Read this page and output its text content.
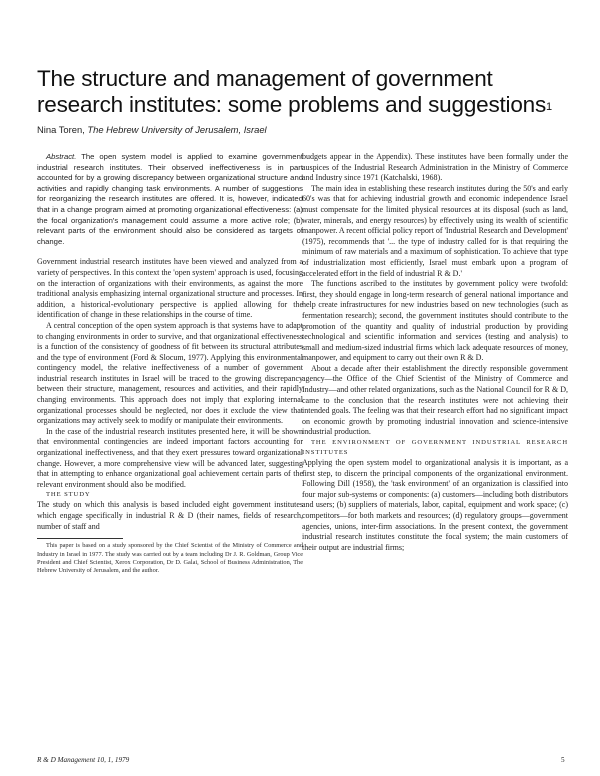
The structure and management of government research institutes: some problems and suggestions$^1$
Nina Toren, The Hebrew University of Jerusalem, Israel

Abstract. The open system model is applied to examine government industrial research institutes. Their observed ineffectiveness is in part accounted for by a growing discrepancy between organizational structure and activities and rapidly changing task environments. A number of suggestions for reorganizing the research institutes are offered. It is, however, indicated that in a change program aimed at promoting organizational effectiveness: (a) the focal organization's management could assume a more active role; (b) relevant parts of the environment should also be considered as targets of change.

Government industrial research institutes have been viewed and analyzed from a variety of perspectives. In this context the 'open system' approach is used, focusing on the interaction of organizations with their environments, as against the more traditional analysis emphasizing internal organizational structure and processes. In addition, a historical-evolutionary perspective is applied allowing for the identification of change in these relationships in the course of time.

A central conception of the open system approach is that systems have to adapt to changing environments in order to survive, and that organizational effectiveness is a function of the consistency of goodness of fit between its structural attributes and the type of environment (Ford & Slocum, 1977). Applying this environmental contingency model, the relative ineffectiveness of a number of government industrial research institutes in Israel will be traced to the growing discrepancy between their structure, management, resources and activities, and their rapidly changing environments. This approach does not imply that exploring internal organizational processes should be neglected, nor does it exclude the view that organizations may actively seek to modify or manipulate their environments.

In the case of the industrial research institutes presented here, it will be shown that environmental contingencies are indeed important factors accounting for organizational ineffectiveness, and that they exert pressures toward organizational change. However, a more comprehensive view will be advanced later, suggesting that in attempting to enhance organizational goal achievement certain parts of the relevant environment should also be modified.

THE STUDY

The study on which this analysis is based included eight government institutes which engage specifically in industrial R & D (their names, fields of research, number of staff and

This paper is based on a study sponsored by the Chief Scientist of the Ministry of Commerce and Industry in Israel in 1977. The study was carried out by a team including Dr J. R. Goldman, Group Vice President and Chief Scientist, Xerox Corporation, Dr D. Galai, School of Business Administration, The Hebrew University of Jerusalem, and the author.

budgets appear in the Appendix). These institutes have been formally under the auspices of the Industrial Research Administration in the Ministry of Commerce and Industry since 1971 (Katchalski, 1968).

The main idea in establishing these research institutes during the 50's and early 60's was that for achieving industrial growth and economic independence Israel must compensate for the limited physical resources at its disposal (such as land, water, minerals, and energy resources) by effectively using its wealth of scientific manpower. A recent official policy report of 'Industrial Research and Development' (1975), recommends that '... the type of industry called for is that requiring the minimum of raw materials and a maximum of sophistication. To achieve that type of industrialization most efficiently, Israel must embark upon a program of accelerated effort in the field of industrial R & D.'

The functions ascribed to the institutes by government policy were twofold: first, they should engage in long-term research of general national importance and help create infrastructures for new industries based on new technologies (such as fermentation research); second, the government institutes should contribute to the promotion of the quantity and quality of industrial production by providing technological and scientific information and services (testing and analysis) to small and medium-sized industrial firms which lack adequate resources of money, manpower, and equipment to carry out their own R & D.

About a decade after their establishment the directly responsible government agency—the Office of the Chief Scientist of the Ministry of Commerce and Industry—and other related organizations, such as the National Council for R & D, came to the conclusion that the research institutes were not achieving their intended goals. The feeling was that their research effort had no significant impact on economic growth by promoting industrial innovation and science-intensive industrial production.

THE ENVIRONMENT OF GOVERNMENT INDUSTRIAL RESEARCH INSTITUTES

Applying the open system model to organizational analysis it is important, as a first step, to discern the principal components of the organizational environment. Following Dill (1958), the 'task environment' of an organization is classified into four major sub-systems or components: (a) customers—including both distributors and users; (b) suppliers of materials, labor, capital, equipment and work space; (c) competitors—for both markets and resources; (d) regulatory groups—government agencies, unions, inter-firm associations. In the present context, the government industrial research institutes constitute the focal system; the main customers of their output are industrial firms;

R & D Management 10, 1, 1979	5
